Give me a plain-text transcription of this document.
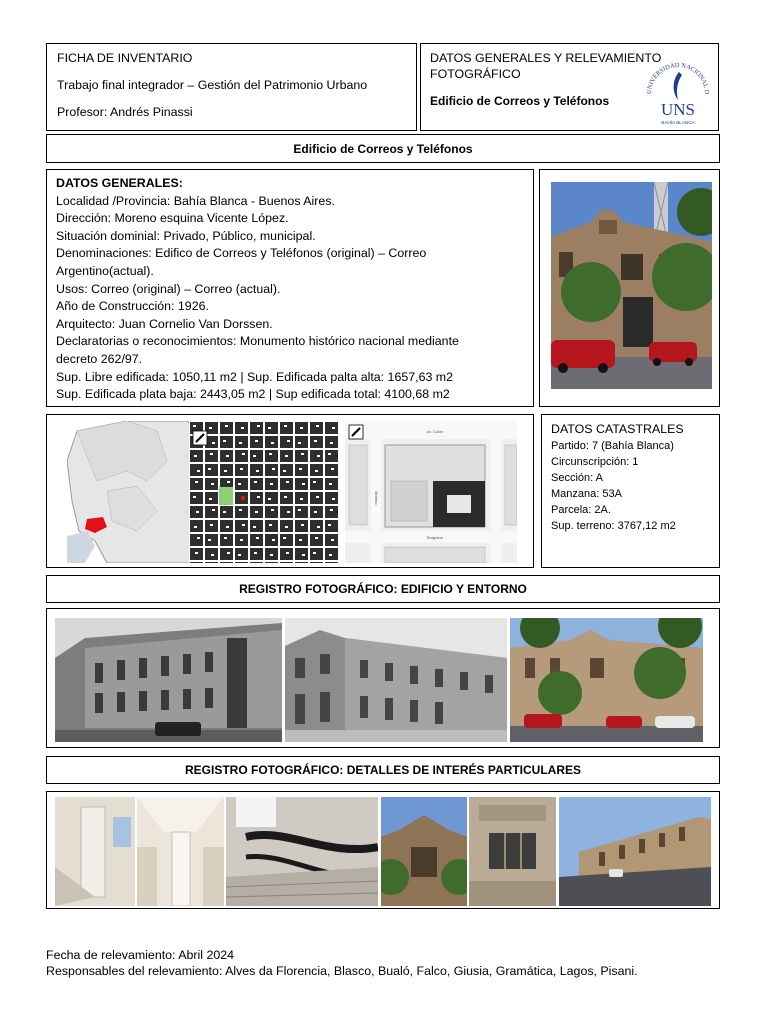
FICHA DE INVENTARIO
Trabajo final integrador – Gestión del Patrimonio Urbano
Profesor: Andrés Pinassi
DATOS GENERALES Y RELEVAMIENTO
FOTOGRÁFICO
Edificio de Correos y Teléfonos
UNIVERSIDAD NACIONAL D
UNS
BAHÍA BLANCA
Edificio de Correos y Teléfonos
DATOS GENERALES:
Localidad /Provincia: Bahía Blanca - Buenos Aires.
Dirección: Moreno esquina Vicente López.
Situación dominial: Privado, Público, municipal.
Denominaciones: Edifico de Correos y Teléfonos (original) – Correo
Argentino(actual).
Usos: Correo (original) – Correo (actual).
Año de Construcción: 1926.
Arquitecto: Juan Cornelio Van Dorssen.
Declaratorias o reconocimientos: Monumento histórico nacional mediante
decreto 262/97.
Sup. Libre edificada: 1050,11 m2 | Sup. Edificada palta alta: 1657,63 m2
Sup. Edificada plata baja: 2443,05 m2 | Sup edificada total: 4100,68 m2
Av. Colón
Moreno
Belgrano
DATOS CATASTRALES
Partido: 7 (Bahía Blanca)
Circunscripción: 1
Sección: A
Manzana: 53A
Parcela: 2A.
Sup. terreno: 3767,12 m2
REGISTRO FOTOGRÁFICO: EDIFICIO Y ENTORNO
REGISTRO FOTOGRÁFICO: DETALLES DE INTERÉS PARTICULARES
Fecha de relevamiento: Abril 2024
Responsables del relevamiento: Alves da Florencia, Blasco, Bualó, Falco, Giusia, Gramática, Lagos, Pisani.
